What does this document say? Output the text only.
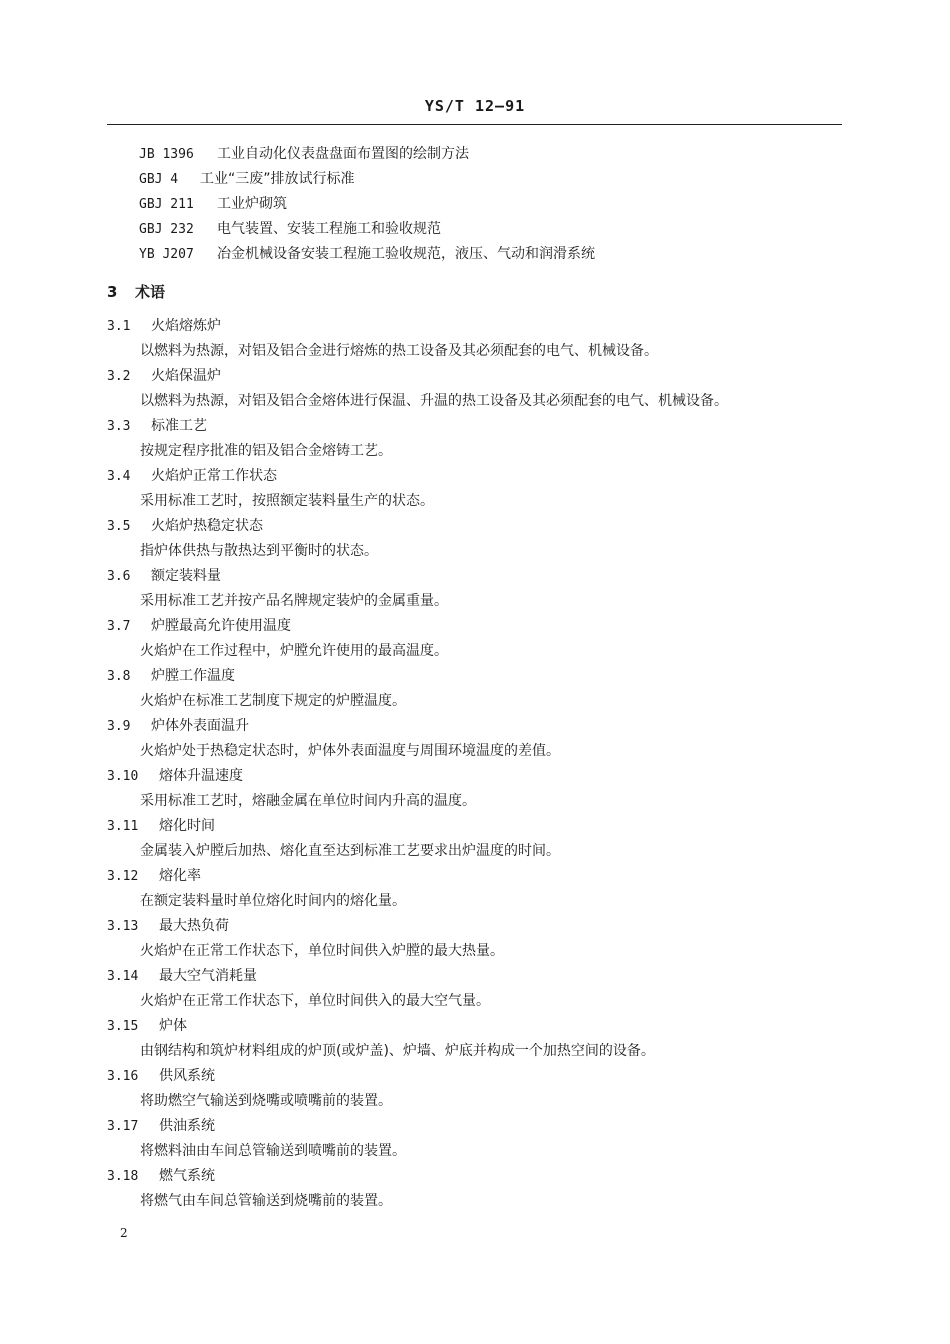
YS/T 12—91
JB 1396 工业自动化仪表盘盘面布置图的绘制方法
GBJ 4 工业“三废”排放试行标准
GBJ 211 工业炉砌筑
GBJ 232 电气装置、安装工程施工和验收规范
YB J207 冶金机械设备安装工程施工验收规范，液压、气动和润滑系统
3 术语
3.1 火焰熔炼炉
以燃料为热源，对铝及铝合金进行熔炼的热工设备及其必须配套的电气、机械设备。
3.2 火焰保温炉
以燃料为热源，对铝及铝合金熔体进行保温、升温的热工设备及其必须配套的电气、机械设备。
3.3 标准工艺
按规定程序批准的铝及铝合金熔铸工艺。
3.4 火焰炉正常工作状态
采用标准工艺时，按照额定装料量生产的状态。
3.5 火焰炉热稳定状态
指炉体供热与散热达到平衡时的状态。
3.6 额定装料量
采用标准工艺并按产品名牌规定装炉的金属重量。
3.7 炉膛最高允许使用温度
火焰炉在工作过程中，炉膛允许使用的最高温度。
3.8 炉膛工作温度
火焰炉在标准工艺制度下规定的炉膛温度。
3.9 炉体外表面温升
火焰炉处于热稳定状态时，炉体外表面温度与周围环境温度的差值。
3.10 熔体升温速度
采用标准工艺时，熔融金属在单位时间内升高的温度。
3.11 熔化时间
金属装入炉膛后加热、熔化直至达到标准工艺要求出炉温度的时间。
3.12 熔化率
在额定装料量时单位熔化时间内的熔化量。
3.13 最大热负荷
火焰炉在正常工作状态下，单位时间供入炉膛的最大热量。
3.14 最大空气消耗量
火焰炉在正常工作状态下，单位时间供入的最大空气量。
3.15 炉体
由钢结构和筑炉材料组成的炉顶(或炉盖)、炉墙、炉底并构成一个加热空间的设备。
3.16 供风系统
将助燃空气输送到烧嘴或喷嘴前的装置。
3.17 供油系统
将燃料油由车间总管输送到喷嘴前的装置。
3.18 燃气系统
将燃气由车间总管输送到烧嘴前的装置。
2
